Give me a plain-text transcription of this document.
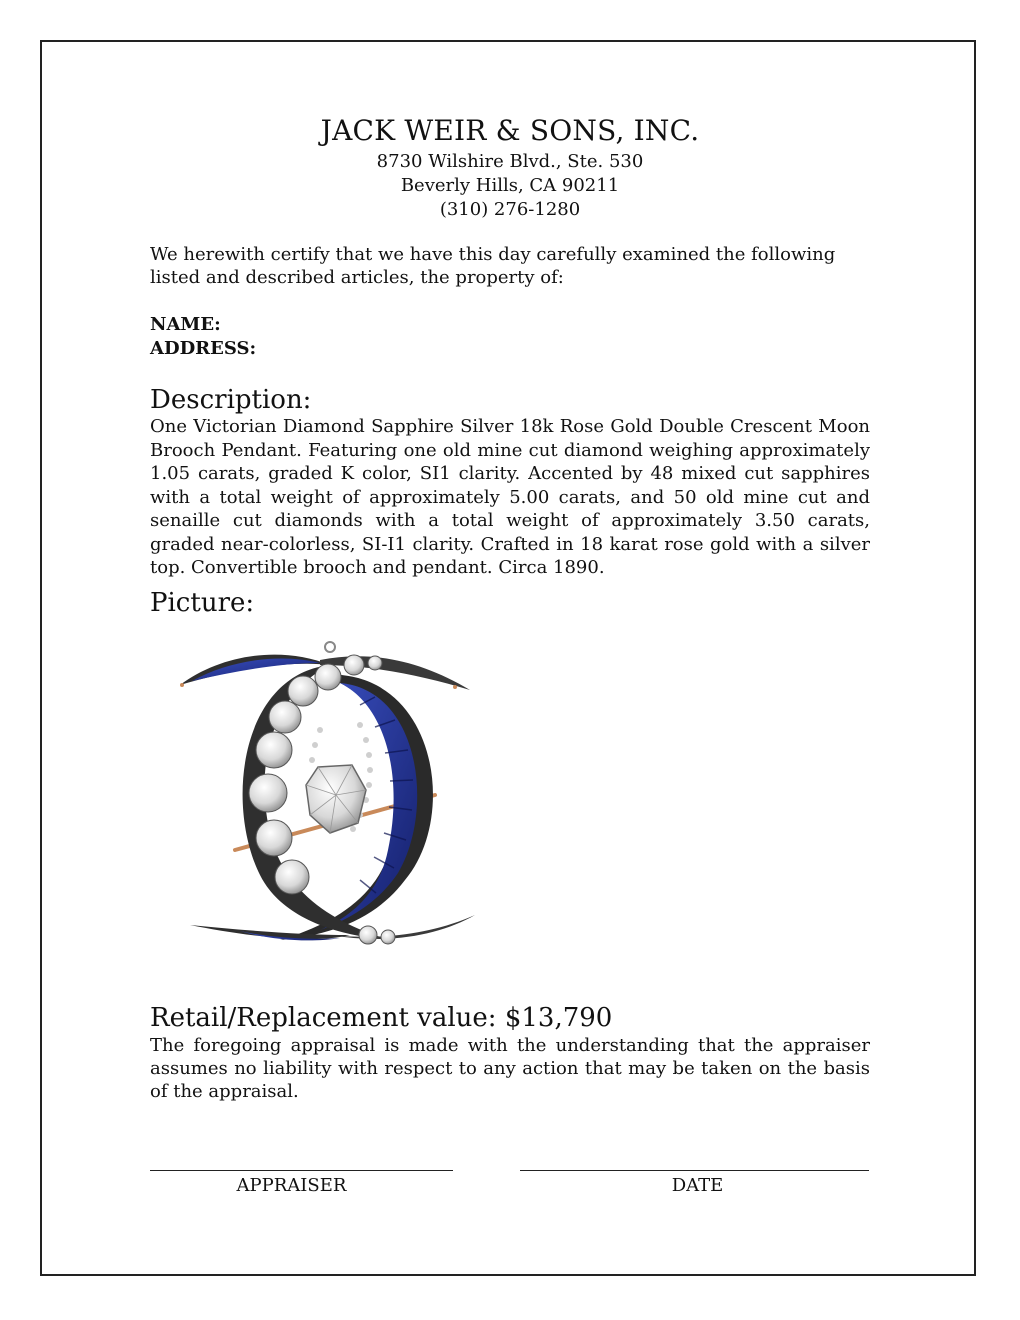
JACK WEIR & SONS, INC.
8730 Wilshire Blvd., Ste. 530
Beverly Hills, CA 90211
(310) 276-1280
We herewith certify that we have this day carefully examined the following listed and described articles, the property of:
NAME:
ADDRESS:
Description:
One Victorian Diamond Sapphire Silver 18k Rose Gold Double Crescent Moon Brooch Pendant. Featuring one old mine cut diamond weighing approximately 1.05 carats, graded K color, SI1 clarity. Accented by 48 mixed cut sapphires with a total weight of approximately 5.00 carats, and 50 old mine cut and senaille cut diamonds with a total weight of approximately 3.50 carats, graded near-colorless, SI-I1 clarity. Crafted in 18 karat rose gold with a silver top. Convertible brooch and pendant. Circa 1890.
Picture:
Retail/Replacement value: $13,790
The foregoing appraisal is made with the understanding that the appraiser assumes no liability with respect to any action that may be taken on the basis of the appraisal.
APPRAISER	DATE
